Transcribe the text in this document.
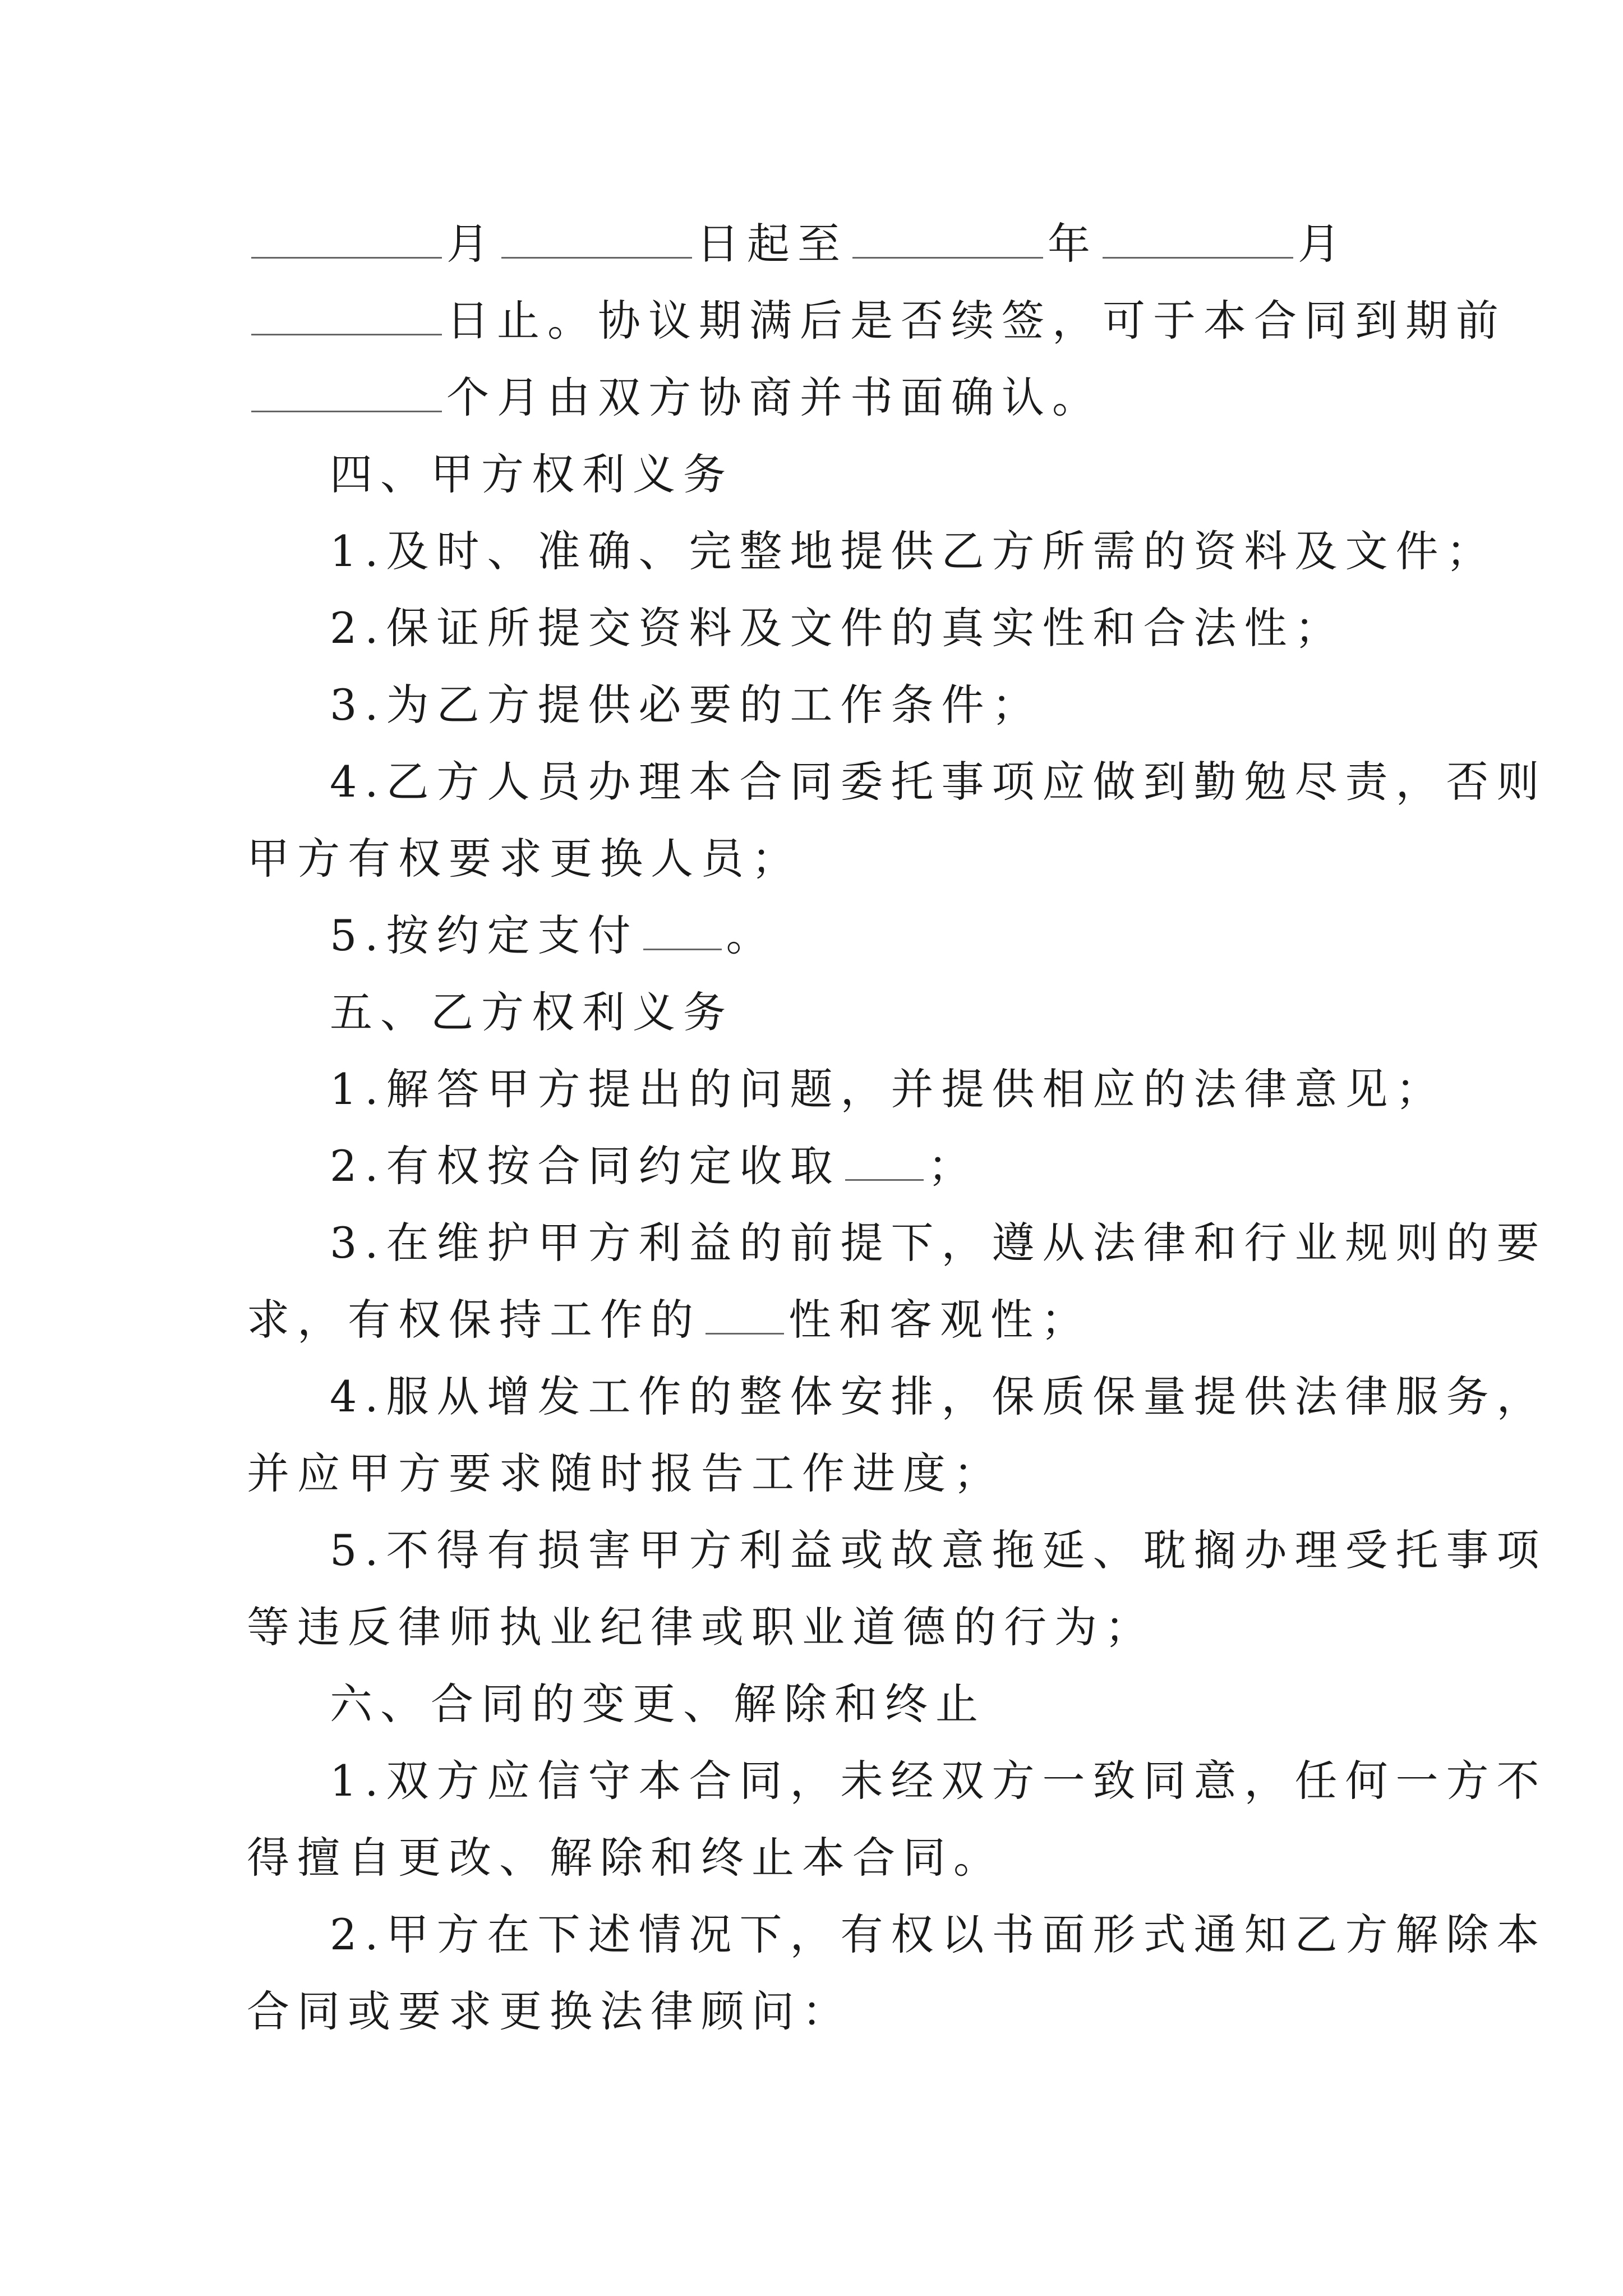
月	日起至	年	月
日止。协议期满后是否续签，可于本合同到期前
个月由双方协商并书面确认。
四、甲方权利义务
1.及时、准确、完整地提供乙方所需的资料及文件；
2.保证所提交资料及文件的真实性和合法性；
3.为乙方提供必要的工作条件；
4.乙方人员办理本合同委托事项应做到勤勉尽责，否则
甲方有权要求更换人员；
5.按约定支付 。
五、乙方权利义务
1.解答甲方提出的问题，并提供相应的法律意见；
2.有权按合同约定收取 ；
3.在维护甲方利益的前提下，遵从法律和行业规则的要
求，有权保持工作的 性和客观性；
4.服从增发工作的整体安排，保质保量提供法律服务，
并应甲方要求随时报告工作进度；
5.不得有损害甲方利益或故意拖延、耽搁办理受托事项
等违反律师执业纪律或职业道德的行为；
六、合同的变更、解除和终止
1.双方应信守本合同，未经双方一致同意，任何一方不
得擅自更改、解除和终止本合同。
2.甲方在下述情况下，有权以书面形式通知乙方解除本
合同或要求更换法律顾问：
